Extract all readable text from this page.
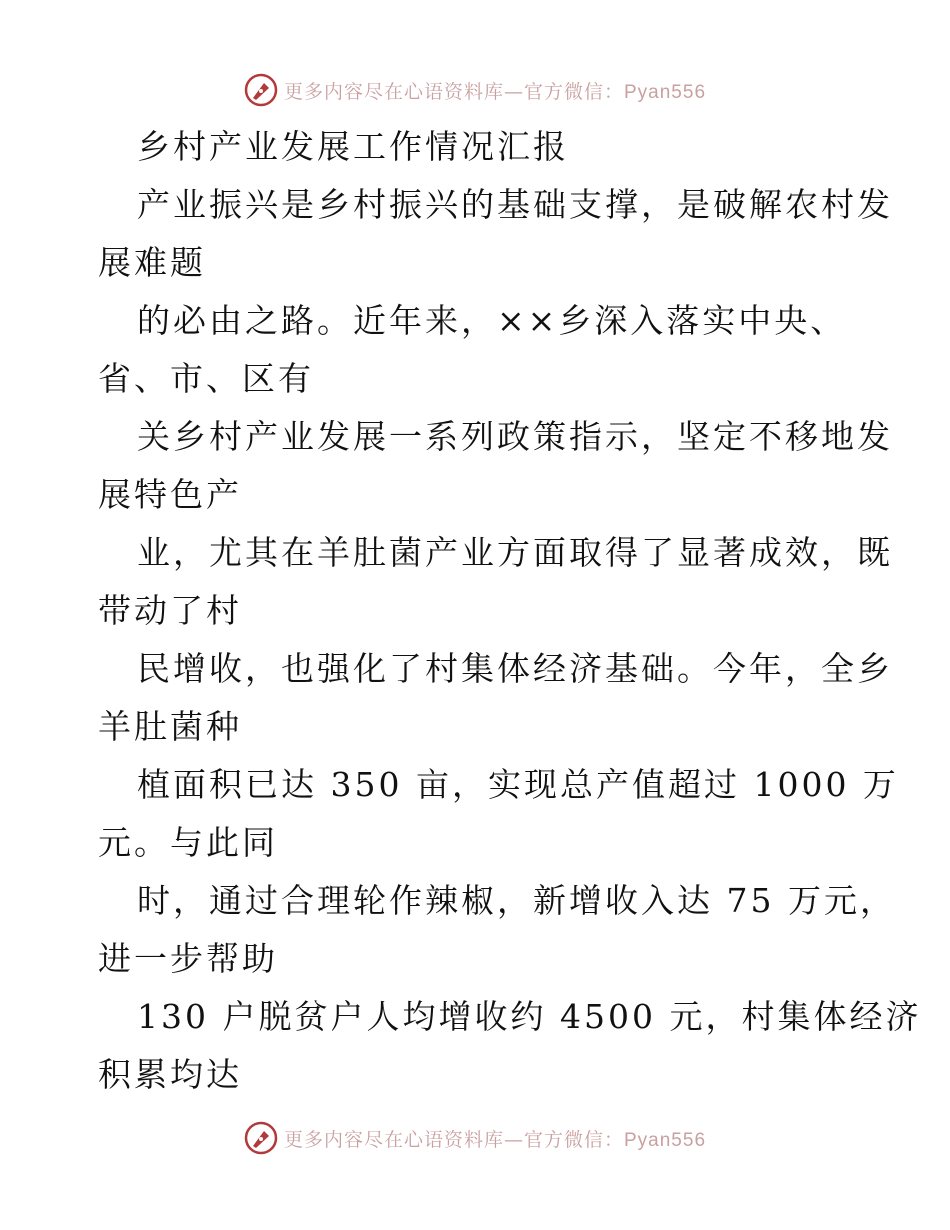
更多内容尽在心语资料库—官方微信：Pyan556
乡村产业发展工作情况汇报
产业振兴是乡村振兴的基础支撑，是破解农村发
展难题
的必由之路。近年来，××乡深入落实中央、
省、市、区有
关乡村产业发展一系列政策指示，坚定不移地发
展特色产
业，尤其在羊肚菌产业方面取得了显著成效，既
带动了村
民增收，也强化了村集体经济基础。今年，全乡
羊肚菌种
植面积已达 350 亩，实现总产值超过 1000 万
元。与此同
时，通过合理轮作辣椒，新增收入达 75 万元，
进一步帮助
130 户脱贫户人均增收约 4500 元，村集体经济
积累均达
更多内容尽在心语资料库—官方微信：Pyan556
